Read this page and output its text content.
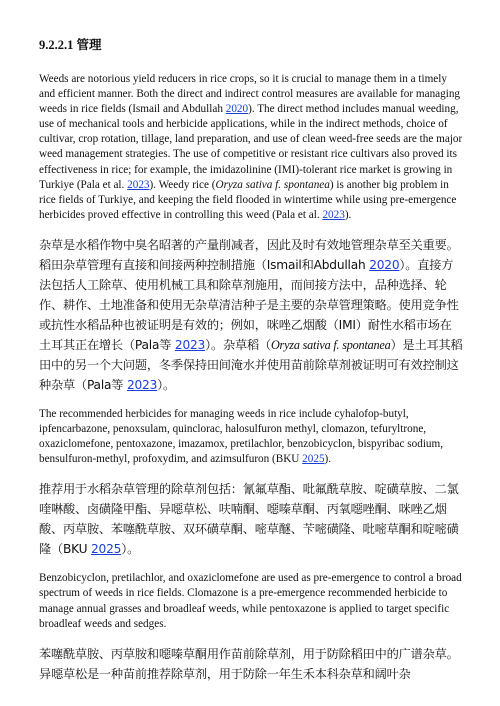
9.2.2.1 管理

Weeds are notorious yield reducers in rice crops, so it is crucial to manage them in a timely and efficient manner. Both the direct and indirect control measures are available for managing weeds in rice fields (Ismail and Abdullah 2020). The direct method includes manual weeding, use of mechanical tools and herbicide applications, while in the indirect methods, choice of cultivar, crop rotation, tillage, land preparation, and use of clean weed-free seeds are the major weed management strategies. The use of competitive or resistant rice cultivars also proved its effectiveness in rice; for example, the imidazolinine (IMI)-tolerant rice market is growing in Turkiye (Pala et al. 2023). Weedy rice (Oryza sativa f. spontanea) is another big problem in rice fields of Turkiye, and keeping the field flooded in wintertime while using pre-emergence herbicides proved effective in controlling this weed (Pala et al. 2023).

杂草是水稻作物中臭名昭著的产量削减者，因此及时有效地管理杂草至关重要。稻田杂草管理有直接和间接两种控制措施（Ismail和Abdullah 2020）。直接方法包括人工除草、使用机械工具和除草剂施用，而间接方法中，品种选择、轮作、耕作、土地准备和使用无杂草清洁种子是主要的杂草管理策略。使用竞争性或抗性水稻品种也被证明是有效的；例如，咪唑乙烟酸（IMI）耐性水稻市场在土耳其正在增长（Pala等 2023）。杂草稻（Oryza sativa f. spontanea）是土耳其稻田中的另一个大问题，冬季保持田间淹水并使用苗前除草剂被证明可有效控制这种杂草（Pala等 2023）。

The recommended herbicides for managing weeds in rice include cyhalofop-butyl, ipfencarbazone, penoxsulam, quinclorac, halosulfuron methyl, clomazon, tefuryltrone, oxaziclomefone, pentoxazone, imazamox, pretilachlor, benzobicyclon, bispyribac sodium, bensulfuron-methyl, profoxydim, and azimsulfuron (BKU 2025).

推荐用于水稻杂草管理的除草剂包括：氰氟草酯、吡氟酰草胺、啶磺草胺、二氯喹啉酸、卤磺隆甲酯、异噁草松、呋喃酮、噁嗪草酮、丙氧噁唑酮、咪唑乙烟酸、丙草胺、苯噻酰草胺、双环磺草酮、嘧草醚、苄嘧磺隆、吡嘧草酮和啶嘧磺隆（BKU 2025）。

Benzobicyclon, pretilachlor, and oxaziclomefone are used as pre-emergence to control a broad spectrum of weeds in rice fields. Clomazone is a pre-emergence recommended herbicide to manage annual grasses and broadleaf weeds, while pentoxazone is applied to target specific broadleaf weeds and sedges.

苯噻酰草胺、丙草胺和噁嗪草酮用作苗前除草剂，用于防除稻田中的广谱杂草。异噁草松是一种苗前推荐除草剂，用于防除一年生禾本科杂草和阔叶杂
